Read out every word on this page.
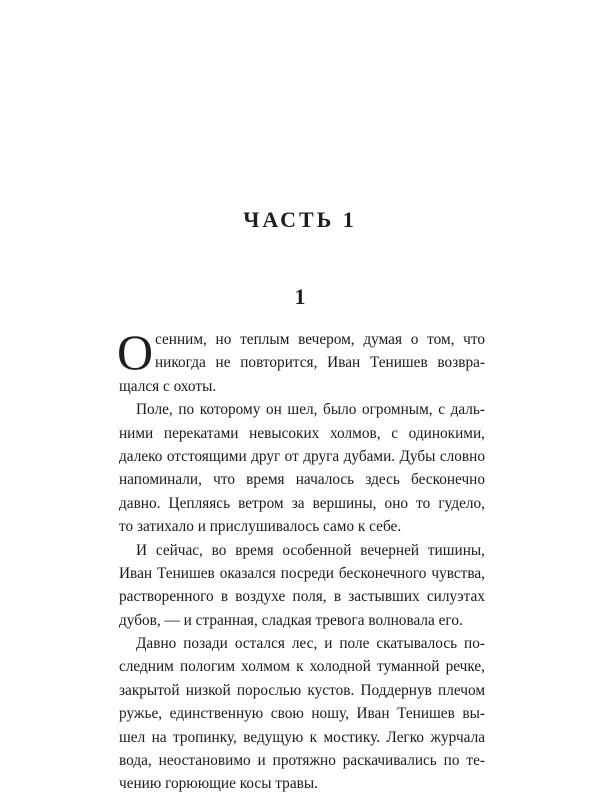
ЧАСТЬ 1
1
О сенним, но теплым вечером, думая о том, что
никогда не повторится, Иван Тенишев возвра-
щался с охоты.
Поле, по которому он шел, было огромным, с даль-
ними перекатами невысоких холмов, с одинокими,
далеко отстоящими друг от друга дубами. Дубы словно
напоминали, что время началось здесь бесконечно
давно. Цепляясь ветром за вершины, оно то гудело,
то затихало и прислушивалось само к себе.
И сейчас, во время особенной вечерней тишины,
Иван Тенишев оказался посреди бесконечного чувства,
растворенного в воздухе поля, в застывших силуэтах
дубов, — и странная, сладкая тревога волновала его.
Давно позади остался лес, и поле скатывалось по-
следним пологим холмом к холодной туманной речке,
закрытой низкой порослью кустов. Поддернув плечом
ружье, единственную свою ношу, Иван Тенишев вы-
шел на тропинку, ведущую к мостику. Легко журчала
вода, неостановимо и протяжно раскачивались по те-
чению горюющие косы травы.
